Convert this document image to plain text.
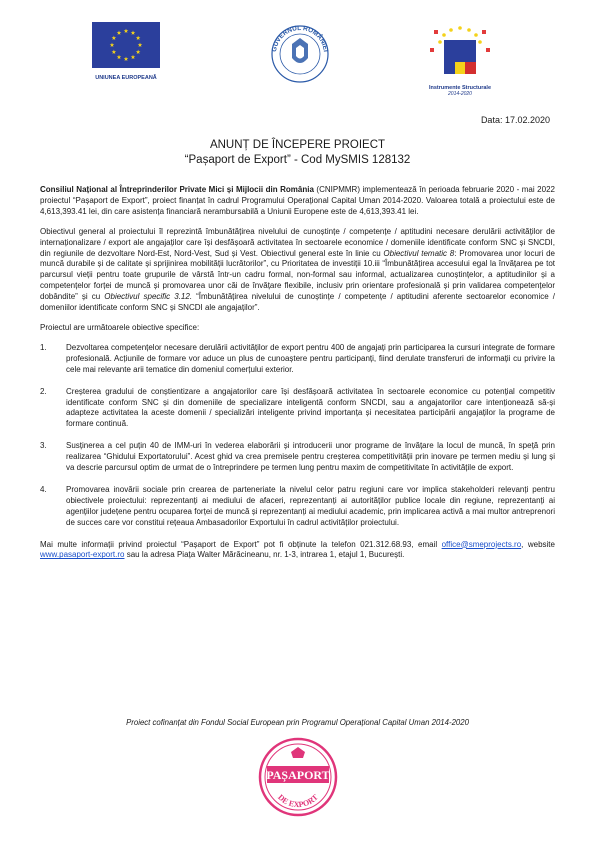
UNIUNEA EUROPEANĂ
GUVERNUL ROMÂNIEI
Instrumente Structurale
2014-2020
Data: 17.02.2020
ANUNȚ DE ÎNCEPERE PROIECT
“Pașaport de Export” - Cod MySMIS 128132

Consiliul Național al Întreprinderilor Private Mici și Mijlocii din România (CNIPMMR) implementează în perioada februarie 2020 - mai 2022 proiectul “Pașaport de Export”, proiect finanțat în cadrul Programului Operațional Capital Uman 2014-2020. Valoarea totală a proiectului este de 4,613,393.41 lei, din care asistența financiară nerambursabilă a Uniunii Europene este de 4,613,393.41 lei.

Obiectivul general al proiectului îl reprezintă îmbunătățirea nivelului de cunoștințe / competențe / aptitudini necesare derulării activităților de internaționalizare / export ale angajaților care își desfășoară activitatea în sectoarele economice / domeniile identificate conform SNC și SNCDI, din regiunile de dezvoltare Nord-Est, Nord-Vest, Sud și Vest. Obiectivul general este în linie cu Obiectivul tematic 8: Promovarea unor locuri de muncă durabile și de calitate și sprijinirea mobilității lucrătorilor”, cu Prioritatea de investiții 10.iii “Îmbunătățirea accesului egal la învățarea pe tot parcursul vieții pentru toate grupurile de vârstă într-un cadru formal, non-formal sau informal, actualizarea cunoștințelor, a aptitudinilor și a competențelor forței de muncă și promovarea unor căi de învățare flexibile, inclusiv prin orientare profesională și prin validarea competențelor dobândite” și cu Obiectivul specific 3.12. “Îmbunătățirea nivelului de cunoștințe / competențe / aptitudini aferente sectoarelor economice / domeniilor identificate conform SNC și SNCDI ale angajaților”.

Proiectul are următoarele obiective specifice:

1. Dezvoltarea competențelor necesare derulării activităților de export pentru 400 de angajați prin participarea la cursuri integrate de formare profesională. Acțiunile de formare vor aduce un plus de cunoaștere pentru participanți, fiind derulate transferuri de informații cu privire la cele mai relevante arii tematice din domeniul comerțului exterior.
2. Creșterea gradului de conștientizare a angajatorilor care își desfășoară activitatea în sectoarele economice cu potențial competitiv identificate conform SNC și din domeniile de specializare inteligentă conform SNCDI, sau a angajatorilor care intenționează să-și adapteze activitatea la aceste domenii / specializări inteligente privind importanța și necesitatea participării angajaților la programe de formare continuă.
3. Susținerea a cel puțin 40 de IMM-uri în vederea elaborării și introducerii unor programe de învățare la locul de muncă, în speță prin realizarea “Ghidului Exportatorului”. Acest ghid va crea premisele pentru creșterea competitivității prin inovare pe termen mediu și lung și va descrie parcursul optim de urmat de o întreprindere pe termen lung pentru maxim de competitivitate în activitățile de export.
4. Promovarea inovării sociale prin crearea de parteneriate la nivelul celor patru regiuni care vor implica stakeholderi relevanți pentru obiectivele proiectului: reprezentanți ai mediului de afaceri, reprezentanți ai autorităților publice locale din regiune, reprezentanți ai agențiilor județene pentru ocuparea forței de muncă și reprezentanți ai mediului academic, prin implicarea activă a mai multor antreprenori de succes care vor constitui rețeaua Ambasadorilor Exportului în cadrul activităților proiectului.

Mai multe informații privind proiectul “Pașaport de Export” pot fi obținute la telefon 021.312.68.93, email office@smeprojects.ro, website www.pasaport-export.ro sau la adresa Piața Walter Mărăcineanu, nr. 1-3, intrarea 1, etajul 1, București.

Proiect cofinanțat din Fondul Social European prin Programul Operațional Capital Uman 2014-2020
PAȘAPORT
DE EXPORT
